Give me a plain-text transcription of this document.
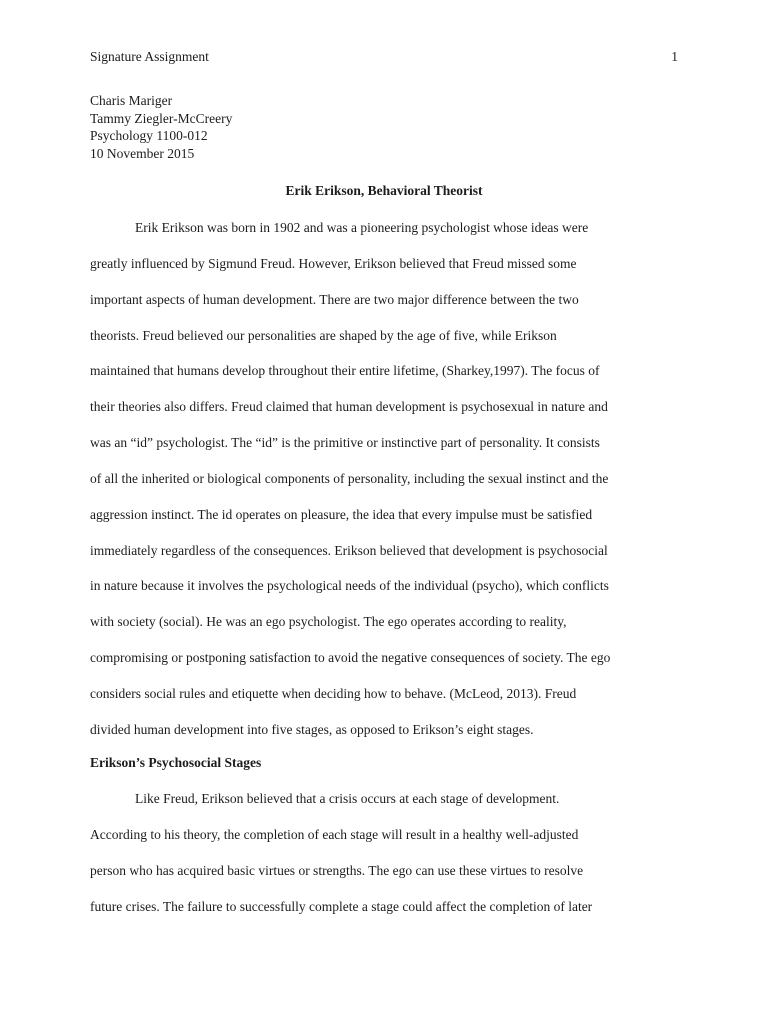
Signature Assignment	1
Charis Mariger
Tammy Ziegler-McCreery
Psychology 1100-012
10 November 2015
Erik Erikson, Behavioral Theorist
Erik Erikson was born in 1902 and was a pioneering psychologist whose ideas were
greatly influenced by Sigmund Freud. However, Erikson believed that Freud missed some
important aspects of human development. There are two major difference between the two
theorists. Freud believed our personalities are shaped by the age of five, while Erikson
maintained that humans develop throughout their entire lifetime, (Sharkey,1997). The focus of
their theories also differs. Freud claimed that human development is psychosexual in nature and
was an “id” psychologist. The “id” is the primitive or instinctive part of personality. It consists
of all the inherited or biological components of personality, including the sexual instinct and the
aggression instinct. The id operates on pleasure, the idea that every impulse must be satisfied
immediately regardless of the consequences. Erikson believed that development is psychosocial
in nature because it involves the psychological needs of the individual (psycho), which conflicts
with society (social). He was an ego psychologist. The ego operates according to reality,
compromising or postponing satisfaction to avoid the negative consequences of society. The ego
considers social rules and etiquette when deciding how to behave. (McLeod, 2013). Freud
divided human development into five stages, as opposed to Erikson’s eight stages.
Erikson’s Psychosocial Stages
Like Freud, Erikson believed that a crisis occurs at each stage of development.
According to his theory, the completion of each stage will result in a healthy well-adjusted
person who has acquired basic virtues or strengths. The ego can use these virtues to resolve
future crises. The failure to successfully complete a stage could affect the completion of later
